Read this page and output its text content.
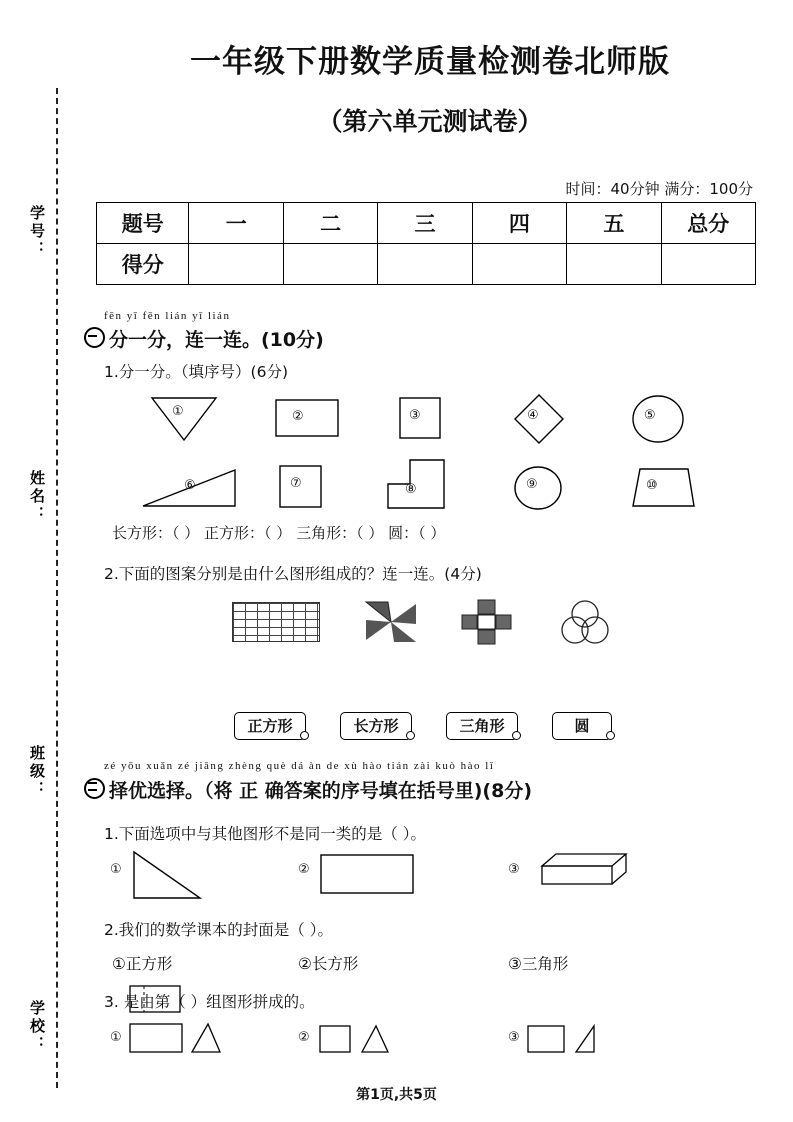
学号：
姓名：
班级：
学校：
一年级下册数学质量检测卷北师版
（第六单元测试卷）
时间：40分钟 满分：100分
题号	一	二	三	四	五	总分
得分						
fēn yī fēn lián yī lián
分一分，连一连。(10分)
1.分一分。（填序号）(6分)
①	②	③	④	⑤
⑥	⑦	⑧	⑨	⑩
长方形：（ ） 正方形：（ ） 三角形：（ ） 圆：（ ）
2.下面的图案分别是由什么图形组成的？连一连。(4分)
正方形	长方形	三角形	圆
zé yōu xuǎn zé jiāng zhèng què dá àn de xù hào tián zài kuò hào lǐ
择优选择。（将 正 确答案的序号填在括号里)(8分)
1.下面选项中与其他图形不是同一类的是（ ）。
①	②	③
2.我们的数学课本的封面是（ ）。
①正方形	②长方形	③三角形
3. 是由第（ ）组图形拼成的。
①	②	③
第1页,共5页
